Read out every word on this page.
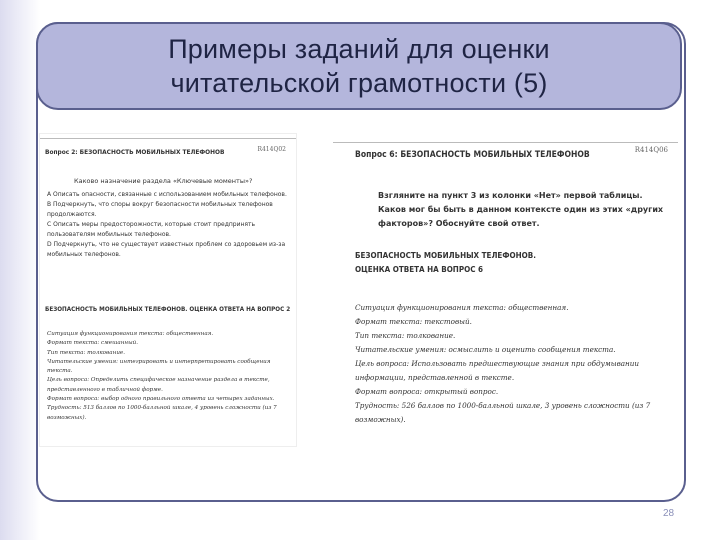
Примеры заданий для оценки
читательской грамотности (5)
Вопрос 2: БЕЗОПАСНОСТЬ МОБИЛЬНЫХ ТЕЛЕФОНОВ	R414Q02
Каково назначение раздела «Ключевые моменты»?
A Описать опасности, связанные с использованием мобильных телефонов.
B Подчеркнуть, что споры вокруг безопасности мобильных телефонов продолжаются.
C Описать меры предосторожности, которые стоит предпринять пользователям мобильных телефонов.
D Подчеркнуть, что не существует известных проблем со здоровьем из-за мобильных телефонов.
БЕЗОПАСНОСТЬ МОБИЛЬНЫХ ТЕЛЕФОНОВ. ОЦЕНКА ОТВЕТА НА ВОПРОС 2
Ситуация функционирования текста: общественная.
Формат текста: смешанный.
Тип текста: толкование.
Читательские умения: интегрировать и интерпретировать сообщения текста.
Цель вопроса: Определить специфическое назначение раздела в тексте, представленного в табличной форме.
Формат вопроса: выбор одного правильного ответа из четырех заданных.
Трудность: 513 баллов по 1000-балльной шкале, 4 уровень сложности (из 7 возможных).
Вопрос 6: БЕЗОПАСНОСТЬ МОБИЛЬНЫХ ТЕЛЕФОНОВ	R414Q06
Взгляните на пункт 3 из колонки «Нет» первой таблицы. Каков мог бы быть в данном контексте один из этих «других факторов»? Обоснуйте свой ответ.
БЕЗОПАСНОСТЬ МОБИЛЬНЫХ ТЕЛЕФОНОВ.
ОЦЕНКА ОТВЕТА НА ВОПРОС 6
Ситуация функционирования текста: общественная.
Формат текста: текстовый.
Тип текста: толкование.
Читательские умения: осмыслить и оценить сообщения текста.
Цель вопроса: Использовать предшествующие знания при обдумывании информации, представленной в тексте.
Формат вопроса: открытый вопрос.
Трудность: 526 баллов по 1000-балльной шкале, 3 уровень сложности (из 7 возможных).
28
